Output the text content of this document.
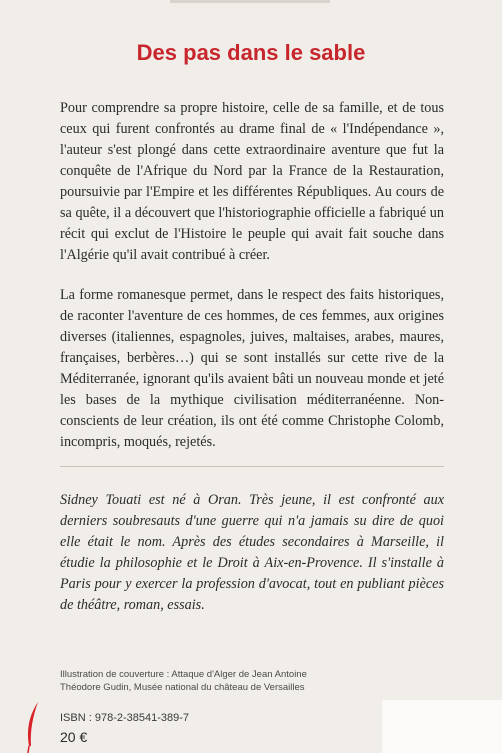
Des pas dans le sable

Pour comprendre sa propre histoire, celle de sa famille, et de tous ceux qui furent confrontés au drame final de « l'Indépendance », l'auteur s'est plongé dans cette extraordinaire aventure que fut la conquête de l'Afrique du Nord par la France de la Restauration, poursuivie par l'Empire et les différentes Républiques. Au cours de sa quête, il a découvert que l'historiographie officielle a fabriqué un récit qui exclut de l'Histoire le peuple qui avait fait souche dans l'Algérie qu'il avait contribué à créer.

La forme romanesque permet, dans le respect des faits historiques, de raconter l'aventure de ces hommes, de ces femmes, aux origines diverses (italiennes, espagnoles, juives, maltaises, arabes, maures, françaises, berbères…) qui se sont installés sur cette rive de la Méditerranée, ignorant qu'ils avaient bâti un nouveau monde et jeté les bases de la mythique civilisation méditerranéenne. Non-conscients de leur création, ils ont été comme Christophe Colomb, incompris, moqués, rejetés.

Sidney Touati est né à Oran. Très jeune, il est confronté aux derniers soubresauts d'une guerre qui n'a jamais su dire de quoi elle était le nom. Après des études secondaires à Marseille, il étudie la philosophie et le Droit à Aix-en-Provence. Il s'installe à Paris pour y exercer la profession d'avocat, tout en publiant pièces de théâtre, roman, essais.

Illustration de couverture : Attaque d'Alger de Jean Antoine Théodore Gudin, Musée national du château de Versailles

ISBN : 978-2-38541-389-7
20 €
